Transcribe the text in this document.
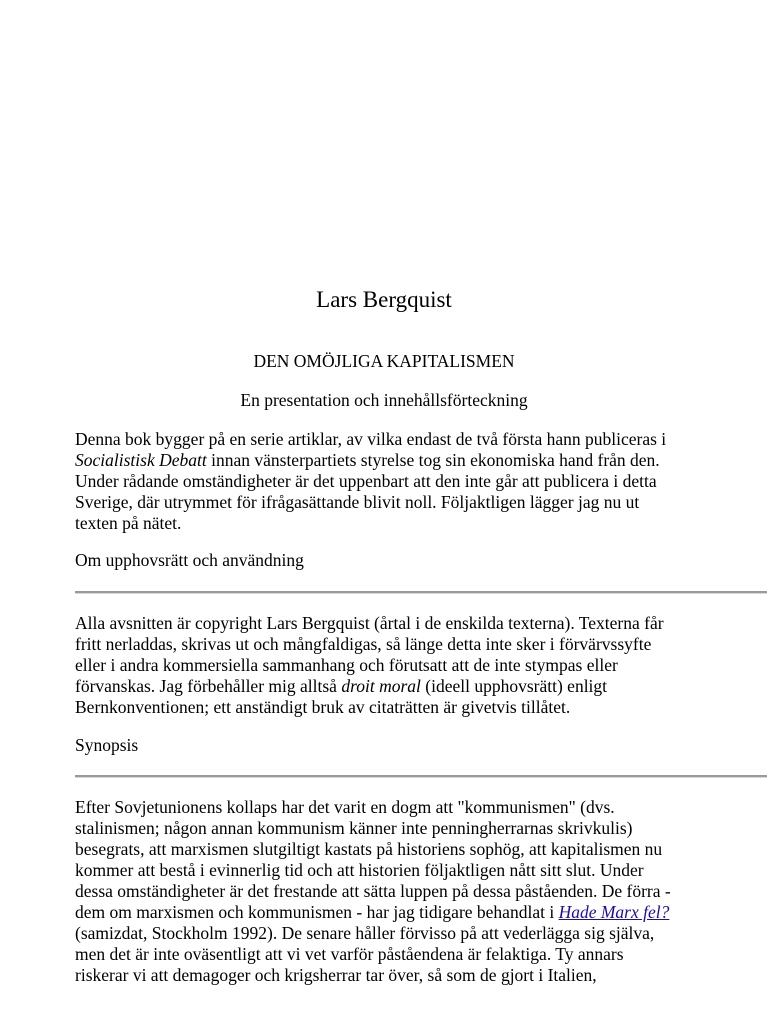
Lars Bergquist
DEN OMÖJLIGA KAPITALISMEN
En presentation och innehållsförteckning

Denna bok bygger på en serie artiklar, av vilka endast de två första hann publiceras i
Socialistisk Debatt innan vänsterpartiets styrelse tog sin ekonomiska hand från den.
Under rådande omständigheter är det uppenbart att den inte går att publicera i detta
Sverige, där utrymmet för ifrågasättande blivit noll. Följaktligen lägger jag nu ut
texten på nätet.

Om upphovsrätt och användning

Alla avsnitten är copyright Lars Bergquist (årtal i de enskilda texterna). Texterna får
fritt nerladdas, skrivas ut och mångfaldigas, så länge detta inte sker i förvärvssyfte
eller i andra kommersiella sammanhang och förutsatt att de inte stympas eller
förvanskas. Jag förbehåller mig alltså droit moral (ideell upphovsrätt) enligt
Bernkonventionen; ett anständigt bruk av citaträtten är givetvis tillåtet.

Synopsis

Efter Sovjetunionens kollaps har det varit en dogm att "kommunismen" (dvs.
stalinismen; någon annan kommunism känner inte penningherrarnas skrivkulis)
besegrats, att marxismen slutgiltigt kastats på historiens sophög, att kapitalismen nu
kommer att bestå i evinnerlig tid och att historien följaktligen nått sitt slut. Under
dessa omständigheter är det frestande att sätta luppen på dessa påståenden. De förra -
dem om marxismen och kommunismen - har jag tidigare behandlat i Hade Marx fel?
(samizdat, Stockholm 1992). De senare håller förvisso på att vederlägga sig själva,
men det är inte oväsentligt att vi vet varför påståendena är felaktiga. Ty annars
riskerar vi att demagoger och krigsherrar tar över, så som de gjort i Italien,
